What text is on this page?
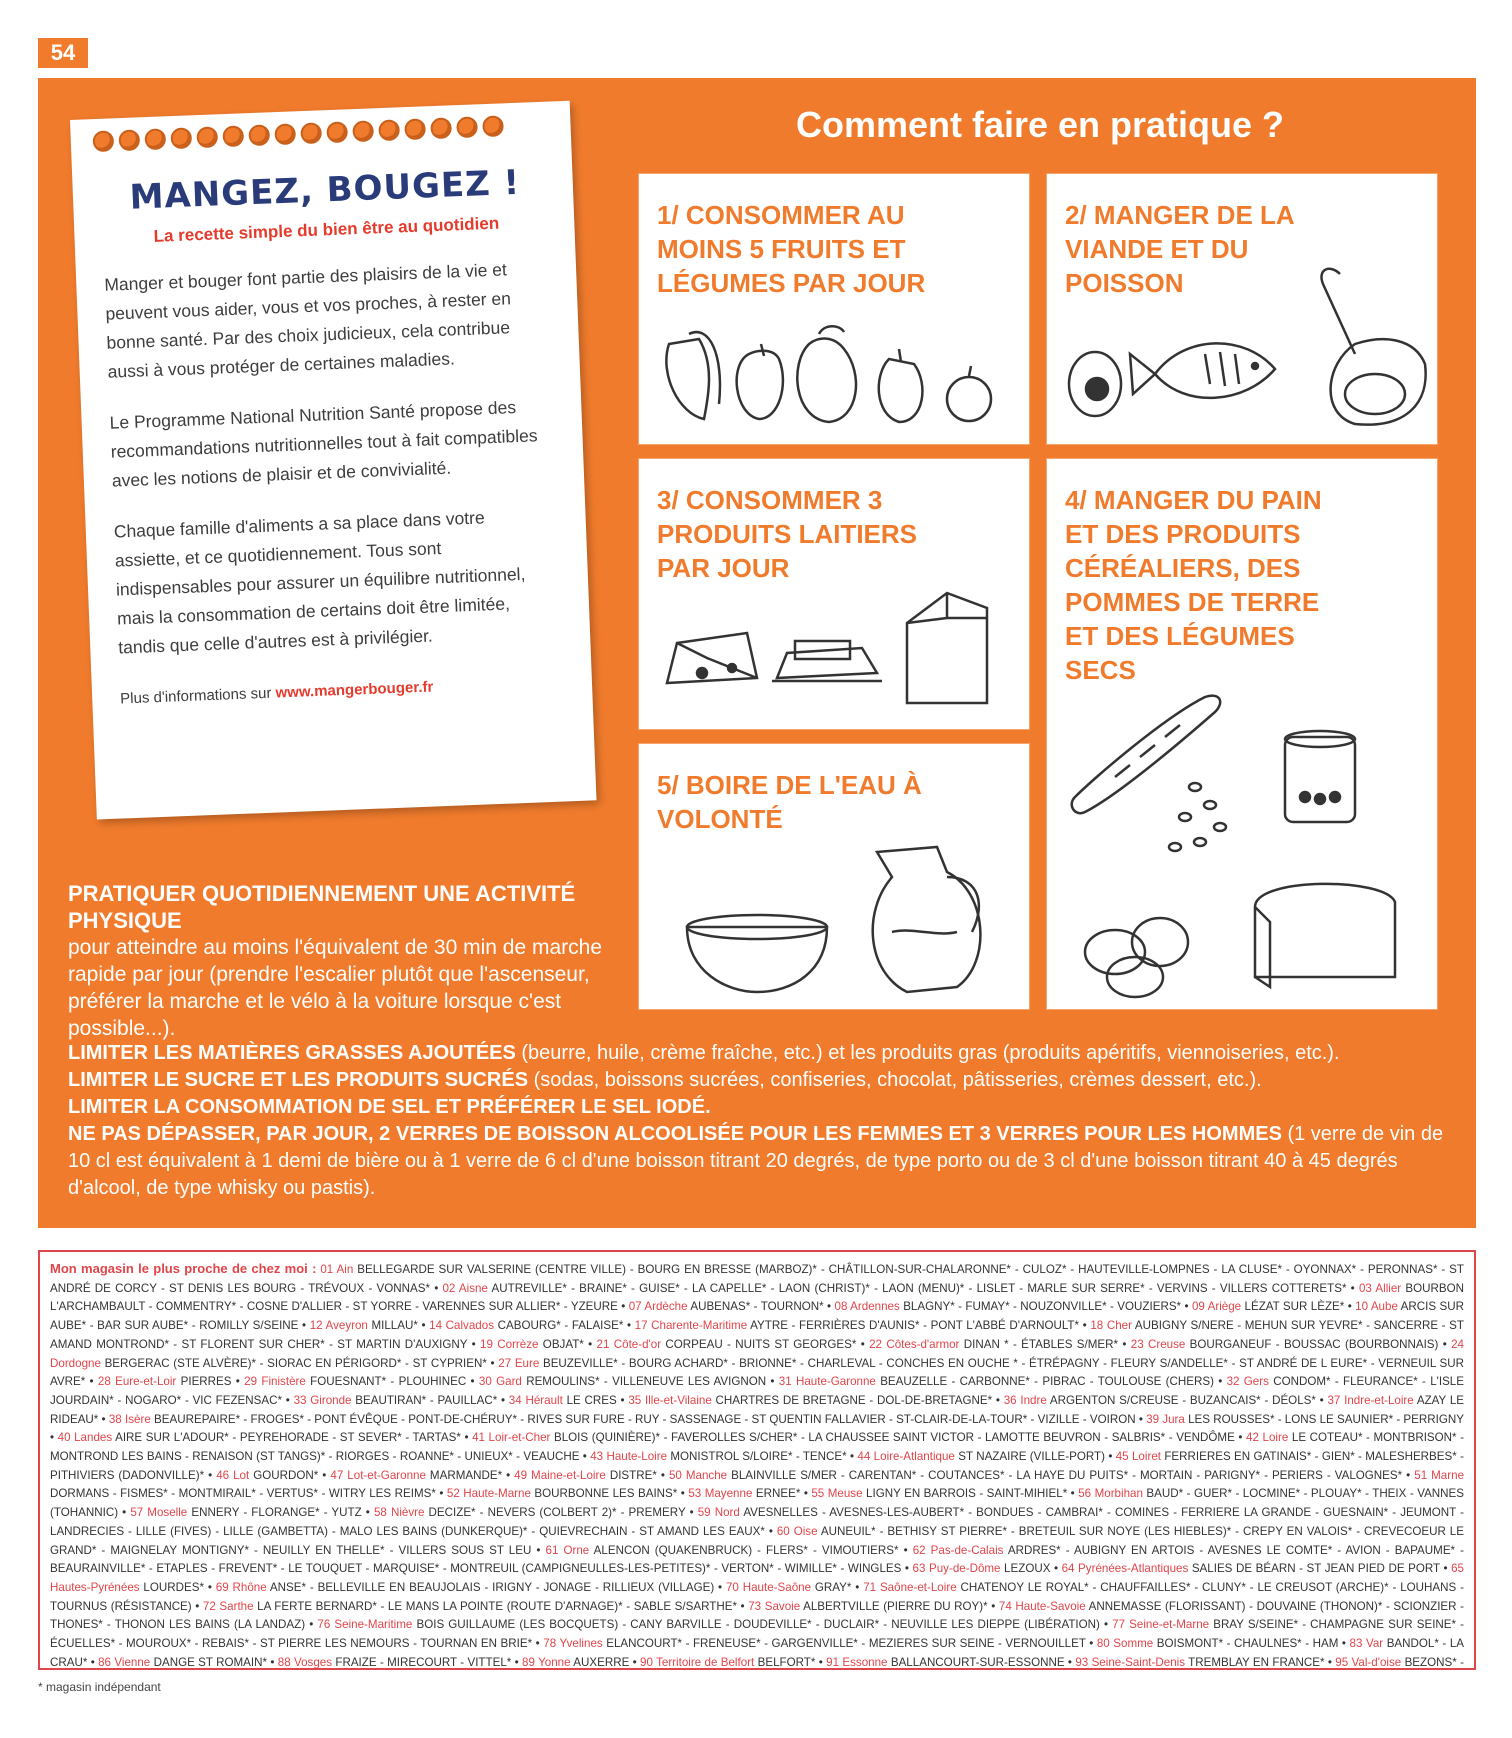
54
MANGEZ, BOUGEZ !
La recette simple du bien être au quotidien

Manger et bouger font partie des plaisirs de la vie et peuvent vous aider, vous et vos proches, à rester en bonne santé. Par des choix judicieux, cela contribue aussi à vous protéger de certaines maladies.

Le Programme National Nutrition Santé propose des recommandations nutritionnelles tout à fait compatibles avec les notions de plaisir et de convivialité.

Chaque famille d'aliments a sa place dans votre assiette, et ce quotidiennement. Tous sont indispensables pour assurer un équilibre nutritionnel, mais la consommation de certains doit être limitée, tandis que celle d'autres est à privilégier.

Plus d'informations sur www.mangerbouger.fr

Comment faire en pratique ?
1/ CONSOMMER AU MOINS 5 FRUITS ET LÉGUMES PAR JOUR
2/ MANGER DE LA VIANDE ET DU POISSON
3/ CONSOMMER 3 PRODUITS LAITIERS PAR JOUR
4/ MANGER DU PAIN ET DES PRODUITS CÉRÉALIERS, DES POMMES DE TERRE ET DES LÉGUMES SECS
5/ BOIRE DE L'EAU À VOLONTÉ
PRATIQUER QUOTIDIENNEMENT UNE ACTIVITÉ PHYSIQUE
pour atteindre au moins l'équivalent de 30 min de marche rapide par jour (prendre l'escalier plutôt que l'ascenseur, préférer la marche et le vélo à la voiture lorsque c'est possible...).
LIMITER LES MATIÈRES GRASSES AJOUTÉES (beurre, huile, crème fraîche, etc.) et les produits gras (produits apéritifs, viennoiseries, etc.).
LIMITER LE SUCRE ET LES PRODUITS SUCRÉS (sodas, boissons sucrées, confiseries, chocolat, pâtisseries, crèmes dessert, etc.).
LIMITER LA CONSOMMATION DE SEL ET PRÉFÉRER LE SEL IODÉ.
NE PAS DÉPASSER, PAR JOUR, 2 VERRES DE BOISSON ALCOOLISÉE POUR LES FEMMES ET 3 VERRES POUR LES HOMMES (1 verre de vin de 10 cl est équivalent à 1 demi de bière ou à 1 verre de 6 cl d'une boisson titrant 20 degrés, de type porto ou de 3 cl d'une boisson titrant 40 à 45 degrés d'alcool, de type whisky ou pastis).
Mon magasin le plus proche de chez moi : 01 Ain BELLEGARDE SUR VALSERINE (CENTRE VILLE) - BOURG EN BRESSE (MARBOZ)* - CHÂTILLON-SUR-CHALARONNE* - CULOZ* - HAUTEVILLE-LOMPNES - LA CLUSE* - OYONNAX* - PERONNAS* - ST ANDRÉ DE CORCY - ST DENIS LES BOURG - TRÉVOUX - VONNAS* • 02 Aisne AUTREVILLE* - BRAINE* - GUISE* - LA CAPELLE* - LAON (CHRIST)* - LAON (MENU)* - LISLET - MARLE SUR SERRE* - VERVINS - VILLERS COTTERETS* • 03 Allier BOURBON L'ARCHAMBAULT - COMMENTRY* - COSNE D'ALLIER - ST YORRE - VARENNES SUR ALLIER* - YZEURE • 07 Ardèche AUBENAS* - TOURNON* • 08 Ardennes BLAGNY* - FUMAY* - NOUZONVILLE* - VOUZIERS* • 09 Ariège LÉZAT SUR LÈZE* • 10 Aube ARCIS SUR AUBE* - BAR SUR AUBE* - ROMILLY S/SEINE • 12 Aveyron MILLAU* • 14 Calvados CABOURG* - FALAISE* • 17 Charente-Maritime AYTRE - FERRIÈRES D'AUNIS* - PONT L'ABBÉ D'ARNOULT* • 18 Cher AUBIGNY S/NERE - MEHUN SUR YEVRE* - SANCERRE - ST AMAND MONTROND* - ST FLORENT SUR CHER* - ST MARTIN D'AUXIGNY • 19 Corrèze OBJAT* • 21 Côte-d'or CORPEAU - NUITS ST GEORGES* • 22 Côtes-d'armor DINAN * - ÉTABLES S/MER* • 23 Creuse BOURGANEUF - BOUSSAC (BOURBONNAIS) • 24 Dordogne BERGERAC (STE ALVÈRE)* - SIORAC EN PÉRIGORD* - ST CYPRIEN* • 27 Eure BEUZEVILLE* - BOURG ACHARD* - BRIONNE* - CHARLEVAL - CONCHES EN OUCHE * - ÉTRÉPAGNY - FLEURY S/ANDELLE* - ST ANDRÉ DE L EURE* - VERNEUIL SUR AVRE* • 28 Eure-et-Loir PIERRES • 29 Finistère FOUESNANT* - PLOUHINEC • 30 Gard REMOULINS* - VILLENEUVE LES AVIGNON • 31 Haute-Garonne BEAUZELLE - CARBONNE* - PIBRAC - TOULOUSE (CHERS) • 32 Gers CONDOM* - FLEURANCE* - L'ISLE JOURDAIN* - NOGARO* - VIC FEZENSAC* • 33 Gironde BEAUTIRAN* - PAUILLAC* • 34 Hérault LE CRES • 35 Ille-et-Vilaine CHARTRES DE BRETAGNE - DOL-DE-BRETAGNE* • 36 Indre ARGENTON S/CREUSE - BUZANCAIS* - DÉOLS* • 37 Indre-et-Loire AZAY LE RIDEAU* • 38 Isère BEAUREPAIRE* - FROGES* - PONT ÉVÊQUE - PONT-DE-CHÉRUY* - RIVES SUR FURE - RUY - SASSENAGE - ST QUENTIN FALLAVIER - ST-CLAIR-DE-LA-TOUR* - VIZILLE - VOIRON • 39 Jura LES ROUSSES* - LONS LE SAUNIER* - PERRIGNY • 40 Landes AIRE SUR L'ADOUR* - PEYREHORADE - ST SEVER* - TARTAS* • 41 Loir-et-Cher BLOIS (QUINIÈRE)* - FAVEROLLES S/CHER* - LA CHAUSSEE SAINT VICTOR - LAMOTTE BEUVRON - SALBRIS* - VENDÔME • 42 Loire LE COTEAU* - MONTBRISON* - MONTROND LES BAINS - RENAISON (ST TANGS)* - RIORGES - ROANNE* - UNIEUX* - VEAUCHE • 43 Haute-Loire MONISTROL S/LOIRE* - TENCE* • 44 Loire-Atlantique ST NAZAIRE (VILLE-PORT) • 45 Loiret FERRIERES EN GATINAIS* - GIEN* - MALESHERBES* - PITHIVIERS (DADONVILLE)* • 46 Lot GOURDON* • 47 Lot-et-Garonne MARMANDE* • 49 Maine-et-Loire DISTRE* • 50 Manche BLAINVILLE S/MER - CARENTAN* - COUTANCES* - LA HAYE DU PUITS* - MORTAIN - PARIGNY* - PERIERS - VALOGNES* • 51 Marne DORMANS - FISMES* - MONTMIRAIL* - VERTUS* - WITRY LES REIMS* • 52 Haute-Marne BOURBONNE LES BAINS* • 53 Mayenne ERNEE* • 55 Meuse LIGNY EN BARROIS - SAINT-MIHIEL* • 56 Morbihan BAUD* - GUER* - LOCMINE* - PLOUAY* - THEIX - VANNES (TOHANNIC) • 57 Moselle ENNERY - FLORANGE* - YUTZ • 58 Nièvre DECIZE* - NEVERS (COLBERT 2)* - PREMERY • 59 Nord AVESNELLES - AVESNES-LES-AUBERT* - BONDUES - CAMBRAI* - COMINES - FERRIERE LA GRANDE - GUESNAIN* - JEUMONT - LANDRECIES - LILLE (FIVES) - LILLE (GAMBETTA) - MALO LES BAINS (DUNKERQUE)* - QUIEVRECHAIN - ST AMAND LES EAUX* • 60 Oise AUNEUIL* - BETHISY ST PIERRE* - BRETEUIL SUR NOYE (LES HIEBLES)* - CREPY EN VALOIS* - CREVECOEUR LE GRAND* - MAIGNELAY MONTIGNY* - NEUILLY EN THELLE* - VILLERS SOUS ST LEU • 61 Orne ALENCON (QUAKENBRUCK) - FLERS* - VIMOUTIERS* • 62 Pas-de-Calais ARDRES* - AUBIGNY EN ARTOIS - AVESNES LE COMTE* - AVION - BAPAUME* - BEAURAINVILLE* - ETAPLES - FREVENT* - LE TOUQUET - MARQUISE* - MONTREUIL (CAMPIGNEULLES-LES-PETITES)* - VERTON* - WIMILLE* - WINGLES • 63 Puy-de-Dôme LEZOUX • 64 Pyrénées-Atlantiques SALIES DE BÉARN - ST JEAN PIED DE PORT • 65 Hautes-Pyrénées LOURDES* • 69 Rhône ANSE* - BELLEVILLE EN BEAUJOLAIS - IRIGNY - JONAGE - RILLIEUX (VILLAGE) • 70 Haute-Saône GRAY* • 71 Saône-et-Loire CHATENOY LE ROYAL* - CHAUFFAILLES* - CLUNY* - LE CREUSOT (ARCHE)* - LOUHANS - TOURNUS (RÉSISTANCE) • 72 Sarthe LA FERTE BERNARD* - LE MANS LA POINTE (ROUTE D'ARNAGE)* - SABLE S/SARTHE* • 73 Savoie ALBERTVILLE (PIERRE DU ROY)* • 74 Haute-Savoie ANNEMASSE (FLORISSANT) - DOUVAINE (THONON)* - SCIONZIER - THONES* - THONON LES BAINS (LA LANDAZ) • 76 Seine-Maritime BOIS GUILLAUME (LES BOCQUETS) - CANY BARVILLE - DOUDEVILLE* - DUCLAIR* - NEUVILLE LES DIEPPE (LIBÉRATION) • 77 Seine-et-Marne BRAY S/SEINE* - CHAMPAGNE SUR SEINE* - ÉCUELLES* - MOUROUX* - REBAIS* - ST PIERRE LES NEMOURS - TOURNAN EN BRIE* • 78 Yvelines ELANCOURT* - FRENEUSE* - GARGENVILLE* - MEZIERES SUR SEINE - VERNOUILLET • 80 Somme BOISMONT* - CHAULNES* - HAM • 83 Var BANDOL* - LA CRAU* • 86 Vienne DANGE ST ROMAIN* • 88 Vosges FRAIZE - MIRECOURT - VITTEL* • 89 Yonne AUXERRE • 90 Territoire de Belfort BELFORT* • 91 Essonne BALLANCOURT-SUR-ESSONNE • 93 Seine-Saint-Denis TREMBLAY EN FRANCE* • 95 Val-d'oise BEZONS* -
* magasin indépendant
